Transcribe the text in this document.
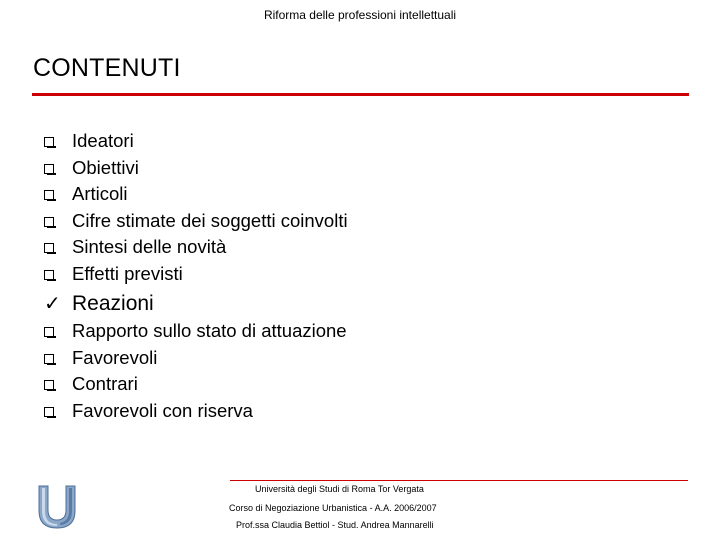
Riforma delle professioni intellettuali
CONTENUTI
Ideatori
Obiettivi
Articoli
Cifre stimate dei soggetti coinvolti
Sintesi delle novità
Effetti previsti
✓ Reazioni
Rapporto sullo stato di attuazione
Favorevoli
Contrari
Favorevoli con riserva
Università degli Studi di Roma Tor Vergata
Corso di Negoziazione Urbanistica - A.A. 2006/2007
Prof.ssa Claudia Bettiol - Stud. Andrea Mannarelli
